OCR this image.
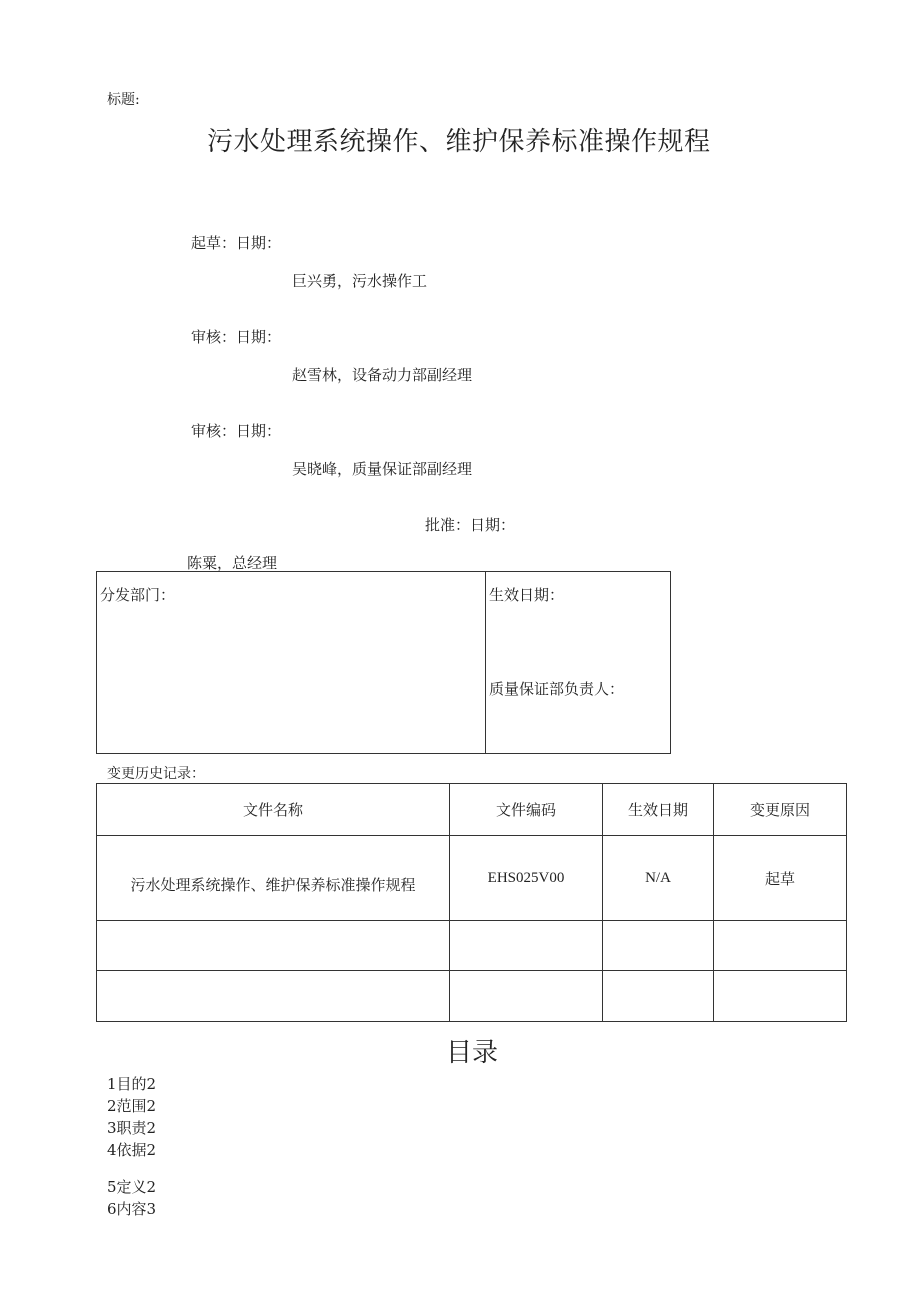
标题:
污水处理系统操作、维护保养标准操作规程
起草：日期：
巨兴勇，污水操作工
审核：日期：
赵雪林，设备动力部副经理
审核：日期：
吴晓峰，质量保证部副经理
批准：日期：
陈粟，总经理
分发部门：	生效日期：
质量保证部负责人：
变更历史记录：
文件名称	文件编码	生效日期	变更原因
污水处理系统操作、维护保养标准操作规程	EHS025V00	N/A	起草

目录
1目的2
2范围2
3职责2
4依据2
5定义2
6内容3
